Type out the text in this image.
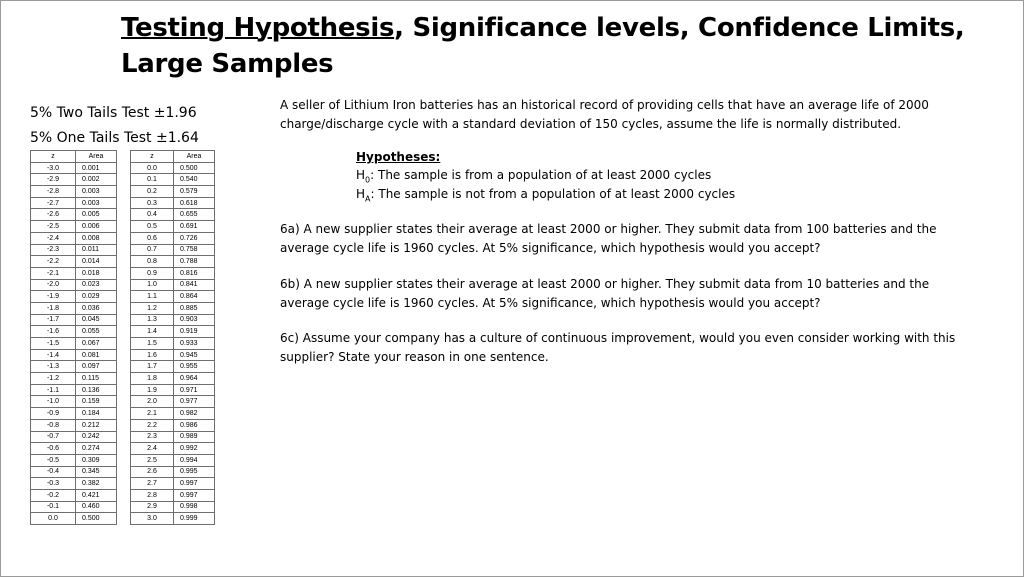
Testing Hypothesis, Significance levels, Confidence Limits,
Large Samples
5% Two Tails Test ±1.96
5% One Tails Test ±1.64
z	Area
-3.0	0.001
-2.9	0.002
-2.8	0.003
-2.7	0.003
-2.6	0.005
-2.5	0.006
-2.4	0.008
-2.3	0.011
-2.2	0.014
-2.1	0.018
-2.0	0.023
-1.9	0.029
-1.8	0.036
-1.7	0.045
-1.6	0.055
-1.5	0.067
-1.4	0.081
-1.3	0.097
-1.2	0.115
-1.1	0.136
-1.0	0.159
-0.9	0.184
-0.8	0.212
-0.7	0.242
-0.6	0.274
-0.5	0.309
-0.4	0.345
-0.3	0.382
-0.2	0.421
-0.1	0.460
0.0	0.500
z	Area
0.0	0.500
0.1	0.540
0.2	0.579
0.3	0.618
0.4	0.655
0.5	0.691
0.6	0.726
0.7	0.758
0.8	0.788
0.9	0.816
1.0	0.841
1.1	0.864
1.2	0.885
1.3	0.903
1.4	0.919
1.5	0.933
1.6	0.945
1.7	0.955
1.8	0.964
1.9	0.971
2.0	0.977
2.1	0.982
2.2	0.986
2.3	0.989
2.4	0.992
2.5	0.994
2.6	0.995
2.7	0.997
2.8	0.997
2.9	0.998
3.0	0.999
A seller of Lithium Iron batteries has an historical record of providing cells that have an average life of 2000 charge/discharge cycle with a standard deviation of 150 cycles, assume the life is normally distributed.
Hypotheses:
$H_0$: The sample is from a population of at least 2000 cycles
$H_A$: The sample is not from a population of at least 2000 cycles
6a) A new supplier states their average at least 2000 or higher. They submit data from 100 batteries and the average cycle life is 1960 cycles. At 5% significance, which hypothesis would you accept?
6b) A new supplier states their average at least 2000 or higher. They submit data from 10 batteries and the average cycle life is 1960 cycles. At 5% significance, which hypothesis would you accept?
6c) Assume your company has a culture of continuous improvement, would you even consider working with this supplier? State your reason in one sentence.
